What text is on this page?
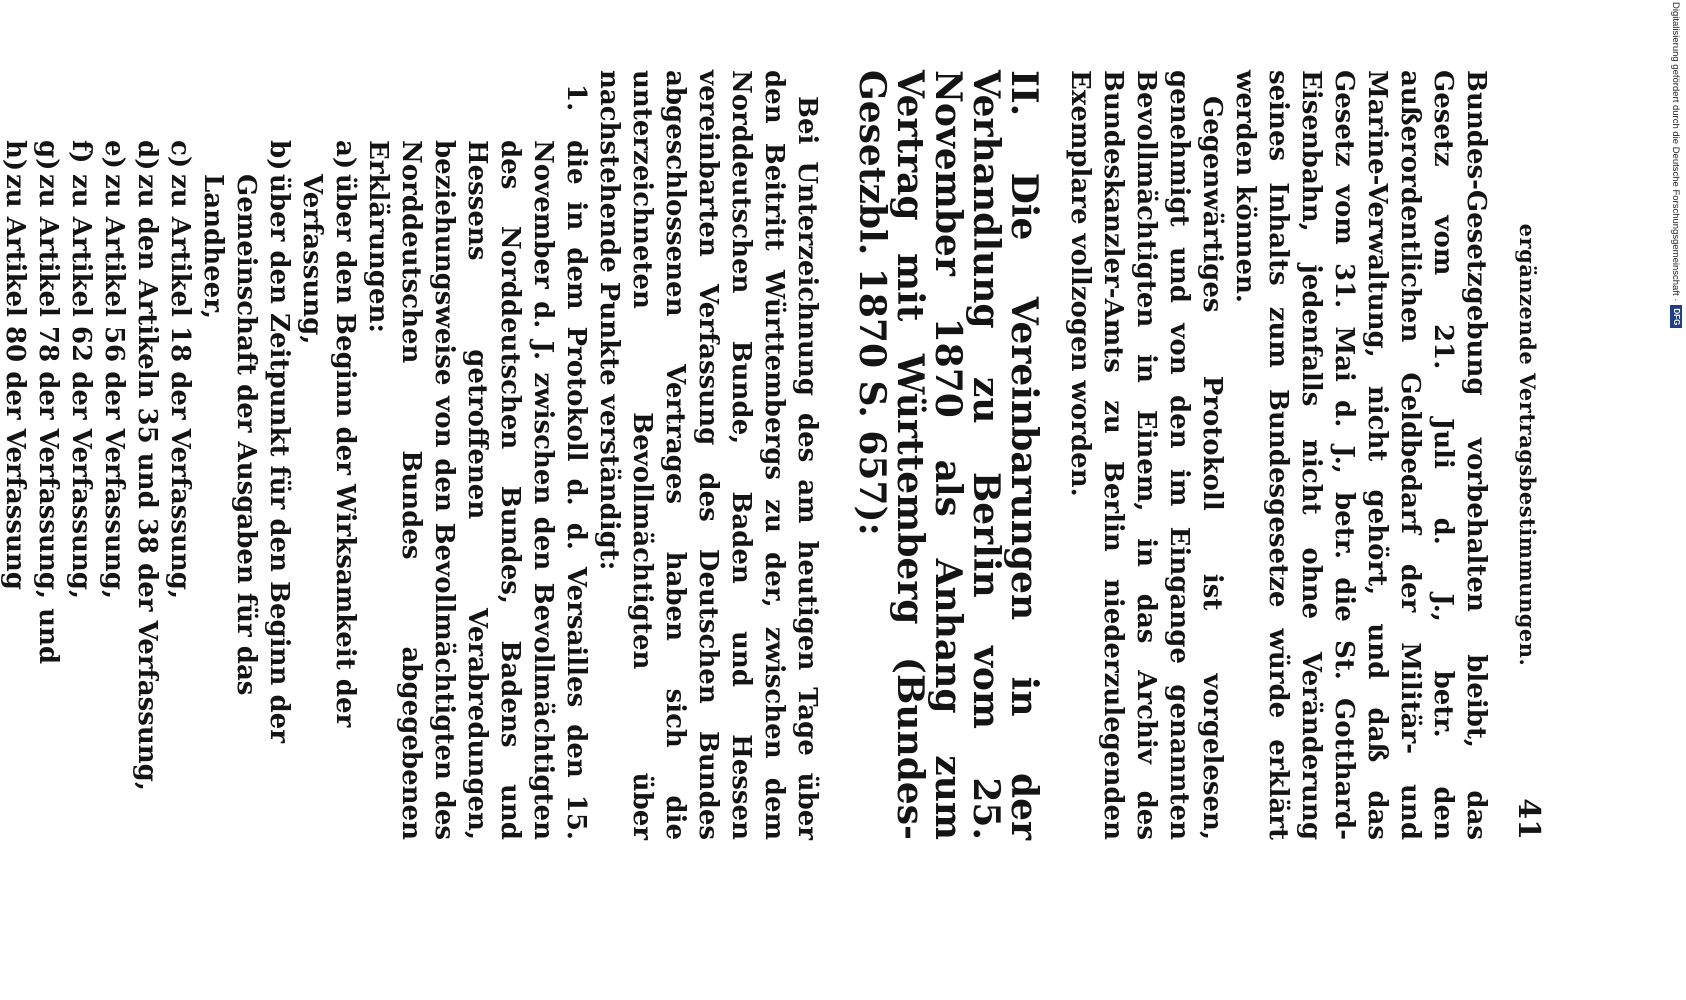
ergänzende Vertragsbestimmungen.
41

Bundes-Gesetzgebung vorbehalten bleibt, das Gesetz vom 21. Juli d. J., betr. den außerordentlichen Geldbedarf der Militär- und Marine-Verwaltung, nicht gehört, und daß das Gesetz vom 31. Mai d. J., betr. die St. Gotthard-Eisenbahn, jedenfalls nicht ohne Veränderung seines Inhalts zum Bundesgesetze würde erklärt werden können.

Gegenwärtiges Protokoll ist vorgelesen, genehmigt und von den im Eingange genannten Bevollmächtigten in Einem, in das Archiv des Bundeskanzler-Amts zu Berlin niederzulegenden Exemplare vollzogen worden.

II. Die Vereinbarungen in der Verhandlung zu Berlin vom 25. November 1870 als Anhang zum Vertrag mit Württemberg (Bundes-Gesetzbl. 1870 S. 657):

Bei Unterzeichnung des am heutigen Tage über den Beitritt Württembergs zu der, zwischen dem Norddeutschen Bunde, Baden und Hessen vereinbarten Verfassung des Deutschen Bundes abgeschlossenen Vertrages haben sich die unterzeichneten Bevollmächtigten über nachstehende Punkte verständigt:

1.
die in dem Protokoll d. d. Versailles den 15. November d. J. zwischen den Bevollmächtigten des Norddeutschen Bundes, Badens und Hessens getroffenen Verabredungen, beziehungsweise von den Bevollmächtigten des Norddeutschen Bundes abgegebenen Erklärungen:
a)
über den Beginn der Wirksamkeit der Verfassung,
b)
über den Zeitpunkt für den Beginn der Gemeinschaft der Ausgaben für das Landheer,
c)
zu Artikel 18 der Verfassung,
d)
zu den Artikeln 35 und 38 der Verfassung,
e)
zu Artikel 56 der Verfassung,
f)
zu Artikel 62 der Verfassung,
g)
zu Artikel 78 der Verfassung, und
h)
zu Artikel 80 der Verfassung
Digitalisierung gefördert durch die Deutsche Forschungsgemeinschaft ·
DFG
